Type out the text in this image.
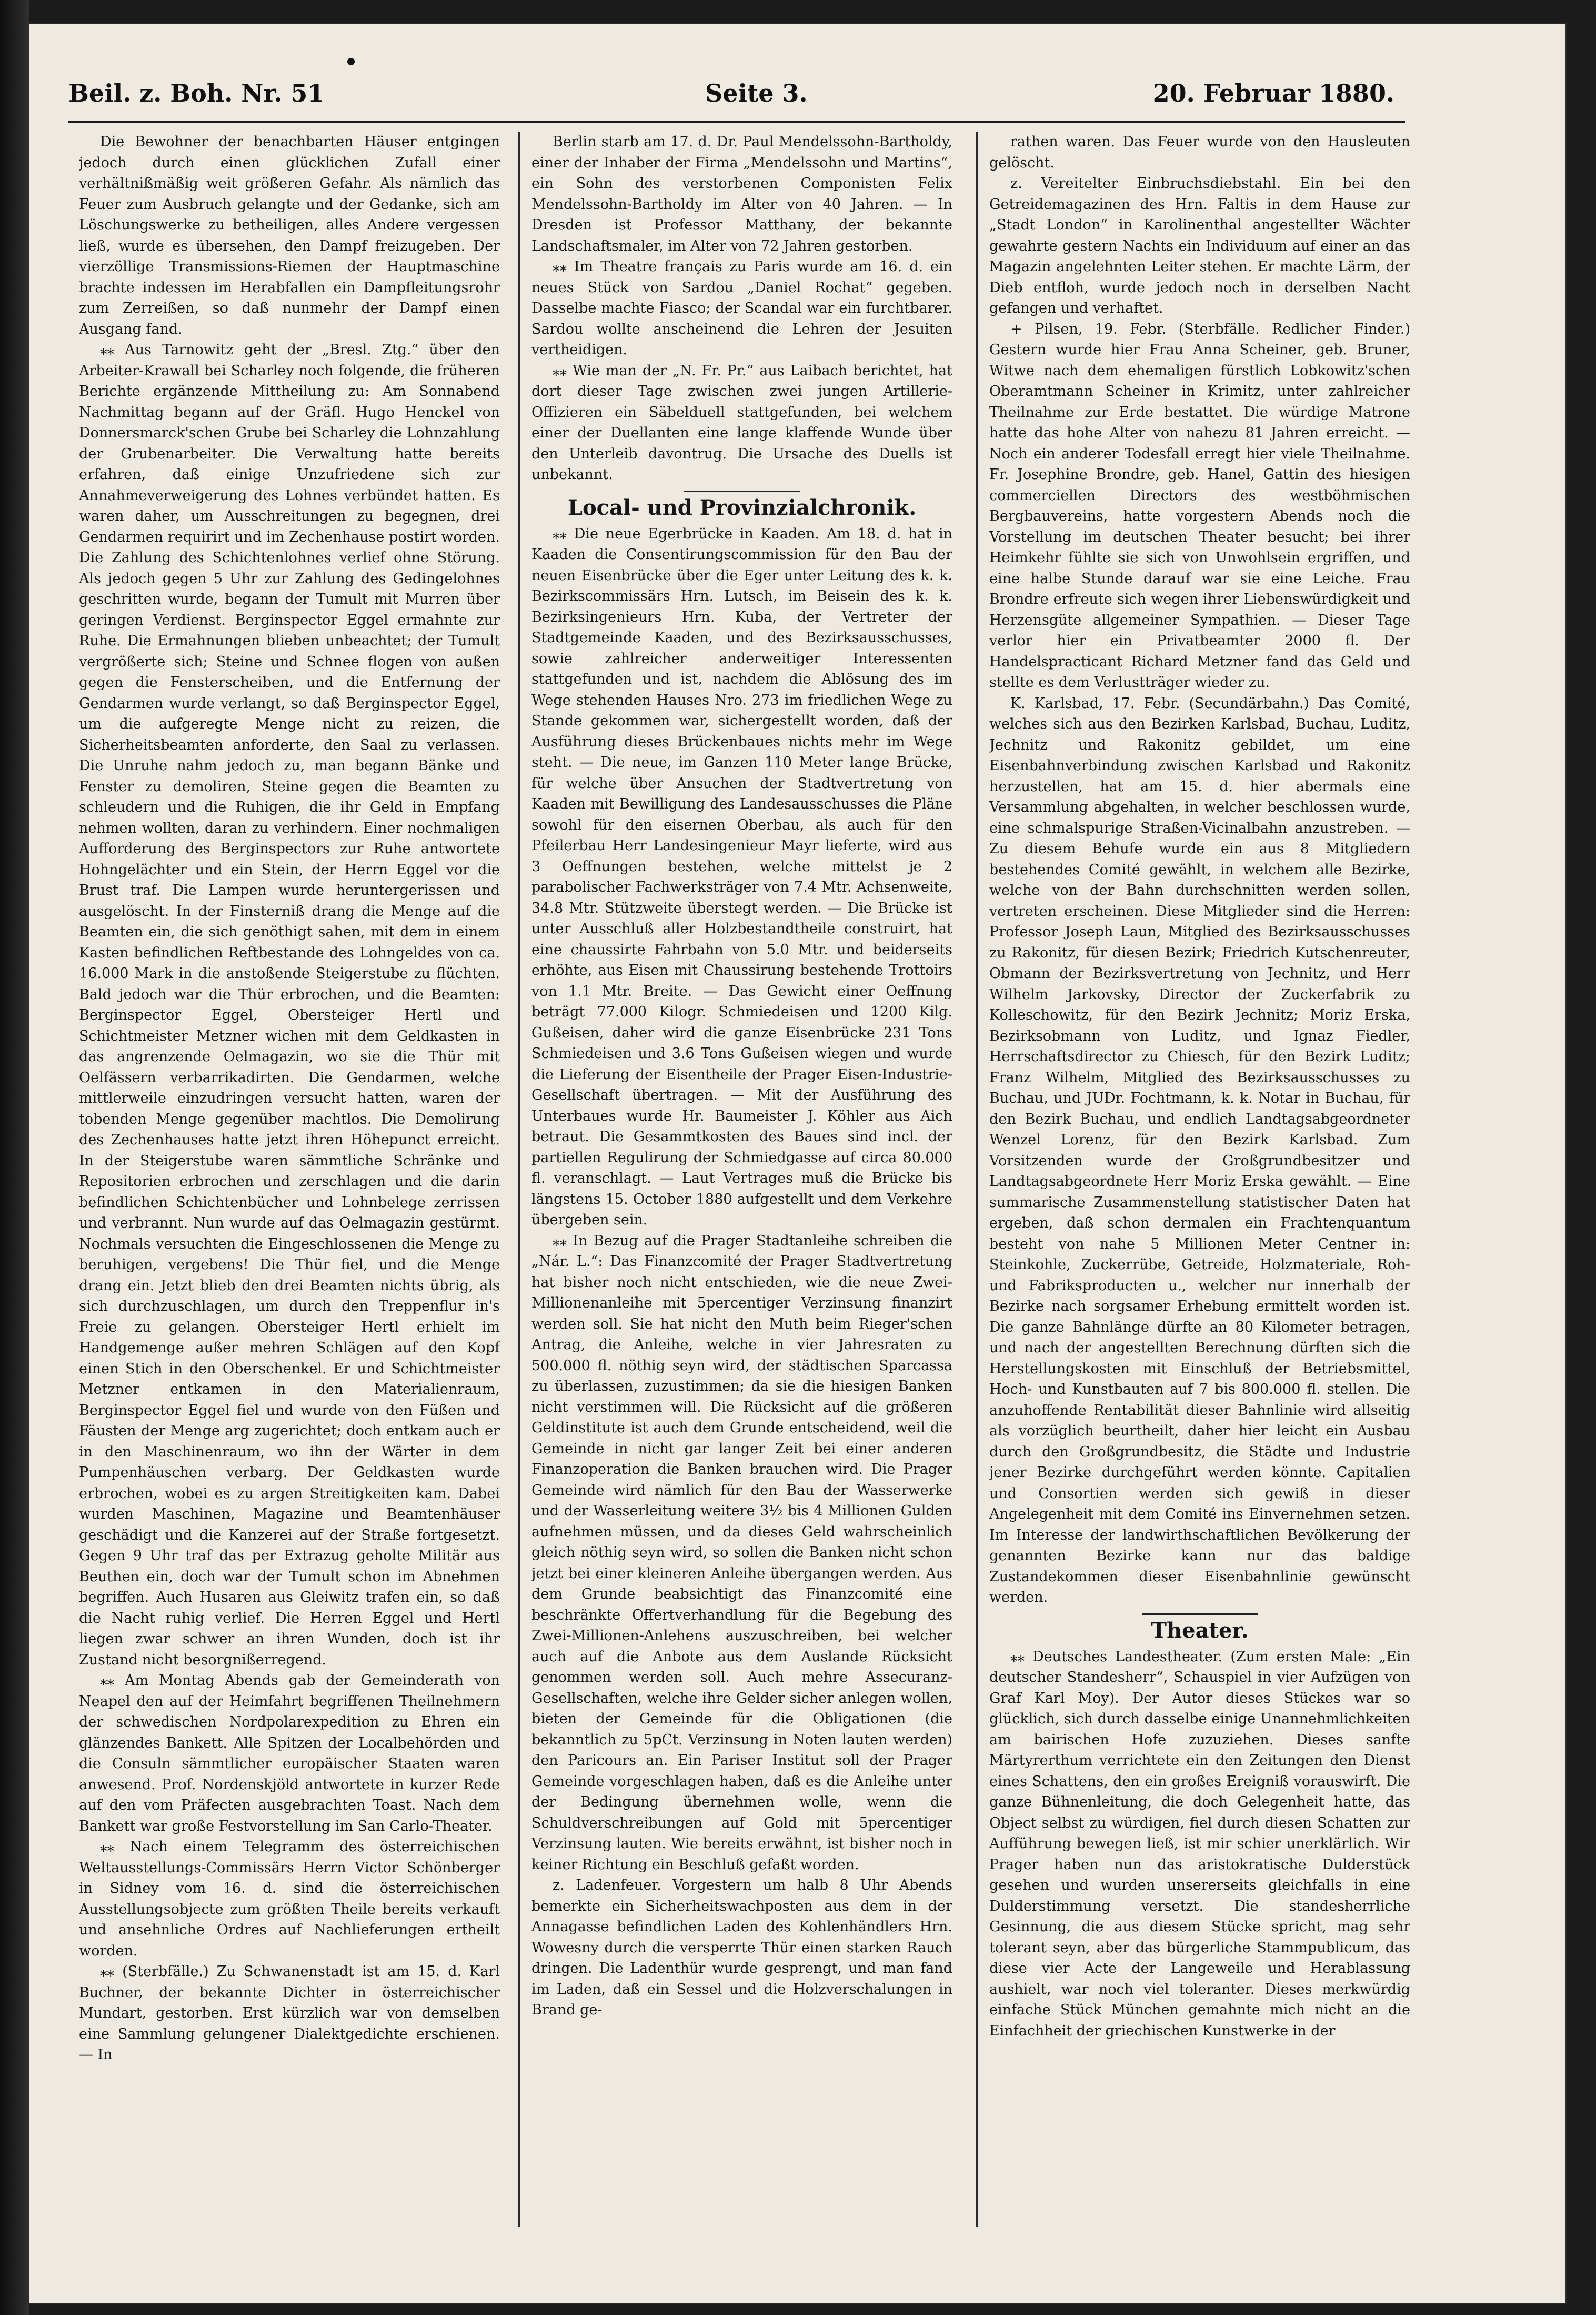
Beil. z. Boh. Nr. 51	Seite 3.	20. Februar 1880.

Die Bewohner der benachbarten Häuser entgingen jedoch durch einen glücklichen Zufall einer verhältnißmäßig weit größeren Gefahr. Als nämlich das Feuer zum Ausbruch gelangte und der Gedanke, sich am Löschungswerke zu betheiligen, alles Andere vergessen ließ, wurde es übersehen, den Dampf freizugeben. Der vierzöllige Transmissions-Riemen der Hauptmaschine brachte indessen im Herabfallen ein Dampfleitungsrohr zum Zerreißen, so daß nunmehr der Dampf einen Ausgang fand.

⁎⁎ Aus Tarnowitz geht der „Bresl. Ztg.“ über den Arbeiter-Krawall bei Scharley noch folgende, die früheren Berichte ergänzende Mittheilung zu: Am Sonnabend Nachmittag begann auf der Gräfl. Hugo Henckel von Donnersmarck'schen Grube bei Scharley die Lohnzahlung der Grubenarbeiter. Die Verwaltung hatte bereits erfahren, daß einige Unzufriedene sich zur Annahmeverweigerung des Lohnes verbündet hatten. Es waren daher, um Ausschreitungen zu begegnen, drei Gendarmen requirirt und im Zechenhause postirt worden. Die Zahlung des Schichtenlohnes verlief ohne Störung. Als jedoch gegen 5 Uhr zur Zahlung des Gedingelohnes geschritten wurde, begann der Tumult mit Murren über geringen Verdienst. Berginspector Eggel ermahnte zur Ruhe. Die Ermahnungen blieben unbeachtet; der Tumult vergrößerte sich; Steine und Schnee flogen von außen gegen die Fensterscheiben, und die Entfernung der Gendarmen wurde verlangt, so daß Berginspector Eggel, um die aufgeregte Menge nicht zu reizen, die Sicherheitsbeamten anforderte, den Saal zu verlassen. Die Unruhe nahm jedoch zu, man begann Bänke und Fenster zu demoliren, Steine gegen die Beamten zu schleudern und die Ruhigen, die ihr Geld in Empfang nehmen wollten, daran zu verhindern. Einer nochmaligen Aufforderung des Berginspectors zur Ruhe antwortete Hohngelächter und ein Stein, der Herrn Eggel vor die Brust traf. Die Lampen wurde heruntergerissen und ausgelöscht. In der Finsterniß drang die Menge auf die Beamten ein, die sich genöthigt sahen, mit dem in einem Kasten befindlichen Reftbestande des Lohngeldes von ca. 16.000 Mark in die anstoßende Steigerstube zu flüchten. Bald jedoch war die Thür erbrochen, und die Beamten: Berginspector Eggel, Obersteiger Hertl und Schichtmeister Metzner wichen mit dem Geldkasten in das angrenzende Oelmagazin, wo sie die Thür mit Oelfässern verbarrikadirten. Die Gendarmen, welche mittlerweile einzudringen versucht hatten, waren der tobenden Menge gegenüber machtlos. Die Demolirung des Zechenhauses hatte jetzt ihren Höhepunct erreicht. In der Steigerstube waren sämmtliche Schränke und Repositorien erbrochen und zerschlagen und die darin befindlichen Schichtenbücher und Lohnbelege zerrissen und verbrannt. Nun wurde auf das Oelmagazin gestürmt. Nochmals versuchten die Eingeschlossenen die Menge zu beruhigen, vergebens! Die Thür fiel, und die Menge drang ein. Jetzt blieb den drei Beamten nichts übrig, als sich durchzuschlagen, um durch den Treppenflur in's Freie zu gelangen. Obersteiger Hertl erhielt im Handgemenge außer mehren Schlägen auf den Kopf einen Stich in den Oberschenkel. Er und Schichtmeister Metzner entkamen in den Materialienraum, Berginspector Eggel fiel und wurde von den Füßen und Fäusten der Menge arg zugerichtet; doch entkam auch er in den Maschinenraum, wo ihn der Wärter in dem Pumpenhäuschen verbarg. Der Geldkasten wurde erbrochen, wobei es zu argen Streitigkeiten kam. Dabei wurden Maschinen, Magazine und Beamtenhäuser geschädigt und die Kanzerei auf der Straße fortgesetzt. Gegen 9 Uhr traf das per Extrazug geholte Militär aus Beuthen ein, doch war der Tumult schon im Abnehmen begriffen. Auch Husaren aus Gleiwitz trafen ein, so daß die Nacht ruhig verlief. Die Herren Eggel und Hertl liegen zwar schwer an ihren Wunden, doch ist ihr Zustand nicht besorgnißerregend.

⁎⁎ Am Montag Abends gab der Gemeinderath von Neapel den auf der Heimfahrt begriffenen Theilnehmern der schwedischen Nordpolarexpedition zu Ehren ein glänzendes Bankett. Alle Spitzen der Localbehörden und die Consuln sämmtlicher europäischer Staaten waren anwesend. Prof. Nordenskjöld antwortete in kurzer Rede auf den vom Präfecten ausgebrachten Toast. Nach dem Bankett war große Festvorstellung im San Carlo-Theater.

⁎⁎ Nach einem Telegramm des österreichischen Weltausstellungs-Commissärs Herrn Victor Schönberger in Sidney vom 16. d. sind die österreichischen Ausstellungsobjecte zum größten Theile bereits verkauft und ansehnliche Ordres auf Nachlieferungen ertheilt worden.

⁎⁎ (Sterbfälle.) Zu Schwanenstadt ist am 15. d. Karl Buchner, der bekannte Dichter in österreichischer Mundart, gestorben. Erst kürzlich war von demselben eine Sammlung gelungener Dialektgedichte erschienen. — In

Berlin starb am 17. d. Dr. Paul Mendelssohn-Bartholdy, einer der Inhaber der Firma „Mendelssohn und Martins“, ein Sohn des verstorbenen Componisten Felix Mendelssohn-Bartholdy im Alter von 40 Jahren. — In Dresden ist Professor Matthany, der bekannte Landschaftsmaler, im Alter von 72 Jahren gestorben.

⁎⁎ Im Theatre français zu Paris wurde am 16. d. ein neues Stück von Sardou „Daniel Rochat“ gegeben. Dasselbe machte Fiasco; der Scandal war ein furchtbarer. Sardou wollte anscheinend die Lehren der Jesuiten vertheidigen.

⁎⁎ Wie man der „N. Fr. Pr.“ aus Laibach berichtet, hat dort dieser Tage zwischen zwei jungen Artillerie-Offizieren ein Säbelduell stattgefunden, bei welchem einer der Duellanten eine lange klaffende Wunde über den Unterleib davontrug. Die Ursache des Duells ist unbekannt.

Local- und Provinzialchronik.

⁎⁎ Die neue Egerbrücke in Kaaden. Am 18. d. hat in Kaaden die Consentirungscommission für den Bau der neuen Eisenbrücke über die Eger unter Leitung des k. k. Bezirkscommissärs Hrn. Lutsch, im Beisein des k. k. Bezirksingenieurs Hrn. Kuba, der Vertreter der Stadtgemeinde Kaaden, und des Bezirksausschusses, sowie zahlreicher anderweitiger Interessenten stattgefunden und ist, nachdem die Ablösung des im Wege stehenden Hauses Nro. 273 im friedlichen Wege zu Stande gekommen war, sichergestellt worden, daß der Ausführung dieses Brückenbaues nichts mehr im Wege steht. — Die neue, im Ganzen 110 Meter lange Brücke, für welche über Ansuchen der Stadtvertretung von Kaaden mit Bewilligung des Landesausschusses die Pläne sowohl für den eisernen Oberbau, als auch für den Pfeilerbau Herr Landesingenieur Mayr lieferte, wird aus 3 Oeffnungen bestehen, welche mittelst je 2 parabolischer Fachwerksträger von 7.4 Mtr. Achsenweite, 34.8 Mtr. Stützweite überstegt werden. — Die Brücke ist unter Ausschluß aller Holzbestandtheile construirt, hat eine chaussirte Fahrbahn von 5.0 Mtr. und beiderseits erhöhte, aus Eisen mit Chaussirung bestehende Trottoirs von 1.1 Mtr. Breite. — Das Gewicht einer Oeffnung beträgt 77.000 Kilogr. Schmiedeisen und 1200 Kilg. Gußeisen, daher wird die ganze Eisenbrücke 231 Tons Schmiedeisen und 3.6 Tons Gußeisen wiegen und wurde die Lieferung der Eisentheile der Prager Eisen-Industrie-Gesellschaft übertragen. — Mit der Ausführung des Unterbaues wurde Hr. Baumeister J. Köhler aus Aich betraut. Die Gesammtkosten des Baues sind incl. der partiellen Regulirung der Schmiedgasse auf circa 80.000 fl. veranschlagt. — Laut Vertrages muß die Brücke bis längstens 15. October 1880 aufgestellt und dem Verkehre übergeben sein.

⁎⁎ In Bezug auf die Prager Stadtanleihe schreiben die „Nár. L.“: Das Finanzcomité der Prager Stadtvertretung hat bisher noch nicht entschieden, wie die neue Zwei-Millionenanleihe mit 5percentiger Verzinsung finanzirt werden soll. Sie hat nicht den Muth beim Rieger'schen Antrag, die Anleihe, welche in vier Jahresraten zu 500.000 fl. nöthig seyn wird, der städtischen Sparcassa zu überlassen, zuzustimmen; da sie die hiesigen Banken nicht verstimmen will. Die Rücksicht auf die größeren Geldinstitute ist auch dem Grunde entscheidend, weil die Gemeinde in nicht gar langer Zeit bei einer anderen Finanzoperation die Banken brauchen wird. Die Prager Gemeinde wird nämlich für den Bau der Wasserwerke und der Wasserleitung weitere 3½ bis 4 Millionen Gulden aufnehmen müssen, und da dieses Geld wahrscheinlich gleich nöthig seyn wird, so sollen die Banken nicht schon jetzt bei einer kleineren Anleihe übergangen werden. Aus dem Grunde beabsichtigt das Finanzcomité eine beschränkte Offertverhandlung für die Begebung des Zwei-Millionen-Anlehens auszuschreiben, bei welcher auch auf die Anbote aus dem Auslande Rücksicht genommen werden soll. Auch mehre Assecuranz-Gesellschaften, welche ihre Gelder sicher anlegen wollen, bieten der Gemeinde für die Obligationen (die bekanntlich zu 5pCt. Verzinsung in Noten lauten werden) den Paricours an. Ein Pariser Institut soll der Prager Gemeinde vorgeschlagen haben, daß es die Anleihe unter der Bedingung übernehmen wolle, wenn die Schuldverschreibungen auf Gold mit 5percentiger Verzinsung lauten. Wie bereits erwähnt, ist bisher noch in keiner Richtung ein Beschluß gefaßt worden.

z. Ladenfeuer. Vorgestern um halb 8 Uhr Abends bemerkte ein Sicherheitswachposten aus dem in der Annagasse befindlichen Laden des Kohlenhändlers Hrn. Wowesny durch die versperrte Thür einen starken Rauch dringen. Die Ladenthür wurde gesprengt, und man fand im Laden, daß ein Sessel und die Holzverschalungen in Brand ge-

rathen waren. Das Feuer wurde von den Hausleuten gelöscht.

z. Vereitelter Einbruchsdiebstahl. Ein bei den Getreidemagazinen des Hrn. Faltis in dem Hause zur „Stadt London“ in Karolinenthal angestellter Wächter gewahrte gestern Nachts ein Individuum auf einer an das Magazin angelehnten Leiter stehen. Er machte Lärm, der Dieb entfloh, wurde jedoch noch in derselben Nacht gefangen und verhaftet.

+ Pilsen, 19. Febr. (Sterbfälle. Redlicher Finder.) Gestern wurde hier Frau Anna Scheiner, geb. Bruner, Witwe nach dem ehemaligen fürstlich Lobkowitz'schen Oberamtmann Scheiner in Krimitz, unter zahlreicher Theilnahme zur Erde bestattet. Die würdige Matrone hatte das hohe Alter von nahezu 81 Jahren erreicht. — Noch ein anderer Todesfall erregt hier viele Theilnahme. Fr. Josephine Brondre, geb. Hanel, Gattin des hiesigen commerciellen Directors des westböhmischen Bergbauvereins, hatte vorgestern Abends noch die Vorstellung im deutschen Theater besucht; bei ihrer Heimkehr fühlte sie sich von Unwohlsein ergriffen, und eine halbe Stunde darauf war sie eine Leiche. Frau Brondre erfreute sich wegen ihrer Liebenswürdigkeit und Herzensgüte allgemeiner Sympathien. — Dieser Tage verlor hier ein Privatbeamter 2000 fl. Der Handelspracticant Richard Metzner fand das Geld und stellte es dem Verlustträger wieder zu.

K. Karlsbad, 17. Febr. (Secundärbahn.) Das Comité, welches sich aus den Bezirken Karlsbad, Buchau, Luditz, Jechnitz und Rakonitz gebildet, um eine Eisenbahnverbindung zwischen Karlsbad und Rakonitz herzustellen, hat am 15. d. hier abermals eine Versammlung abgehalten, in welcher beschlossen wurde, eine schmalspurige Straßen-Vicinalbahn anzustreben. — Zu diesem Behufe wurde ein aus 8 Mitgliedern bestehendes Comité gewählt, in welchem alle Bezirke, welche von der Bahn durchschnitten werden sollen, vertreten erscheinen. Diese Mitglieder sind die Herren: Professor Joseph Laun, Mitglied des Bezirksausschusses zu Rakonitz, für diesen Bezirk; Friedrich Kutschenreuter, Obmann der Bezirksvertretung von Jechnitz, und Herr Wilhelm Jarkovsky, Director der Zuckerfabrik zu Kolleschowitz, für den Bezirk Jechnitz; Moriz Erska, Bezirksobmann von Luditz, und Ignaz Fiedler, Herrschaftsdirector zu Chiesch, für den Bezirk Luditz; Franz Wilhelm, Mitglied des Bezirksausschusses zu Buchau, und JUDr. Fochtmann, k. k. Notar in Buchau, für den Bezirk Buchau, und endlich Landtagsabgeordneter Wenzel Lorenz, für den Bezirk Karlsbad. Zum Vorsitzenden wurde der Großgrundbesitzer und Landtagsabgeordnete Herr Moriz Erska gewählt. — Eine summarische Zusammenstellung statistischer Daten hat ergeben, daß schon dermalen ein Frachtenquantum besteht von nahe 5 Millionen Meter Centner in: Steinkohle, Zuckerrübe, Getreide, Holzmateriale, Roh- und Fabriksproducten u., welcher nur innerhalb der Bezirke nach sorgsamer Erhebung ermittelt worden ist. Die ganze Bahnlänge dürfte an 80 Kilometer betragen, und nach der angestellten Berechnung dürften sich die Herstellungskosten mit Einschluß der Betriebsmittel, Hoch- und Kunstbauten auf 7 bis 800.000 fl. stellen. Die anzuhoffende Rentabilität dieser Bahnlinie wird allseitig als vorzüglich beurtheilt, daher hier leicht ein Ausbau durch den Großgrundbesitz, die Städte und Industrie jener Bezirke durchgeführt werden könnte. Capitalien und Consortien werden sich gewiß in dieser Angelegenheit mit dem Comité ins Einvernehmen setzen. Im Interesse der landwirthschaftlichen Bevölkerung der genannten Bezirke kann nur das baldige Zustandekommen dieser Eisenbahnlinie gewünscht werden.

Theater.

⁎⁎ Deutsches Landestheater. (Zum ersten Male: „Ein deutscher Standesherr“, Schauspiel in vier Aufzügen von Graf Karl Moy). Der Autor dieses Stückes war so glücklich, sich durch dasselbe einige Unannehmlichkeiten am bairischen Hofe zuzuziehen. Dieses sanfte Märtyrerthum verrichtete ein den Zeitungen den Dienst eines Schattens, den ein großes Ereigniß vorauswirft. Die ganze Bühnenleitung, die doch Gelegenheit hatte, das Object selbst zu würdigen, fiel durch diesen Schatten zur Aufführung bewegen ließ, ist mir schier unerklärlich. Wir Prager haben nun das aristokratische Dulderstück gesehen und wurden unsererseits gleichfalls in eine Dulderstimmung versetzt. Die standesherrliche Gesinnung, die aus diesem Stücke spricht, mag sehr tolerant seyn, aber das bürgerliche Stammpublicum, das diese vier Acte der Langeweile und Herablassung aushielt, war noch viel toleranter. Dieses merkwürdig einfache Stück München gemahnte mich nicht an die Einfachheit der griechischen Kunstwerke in der
